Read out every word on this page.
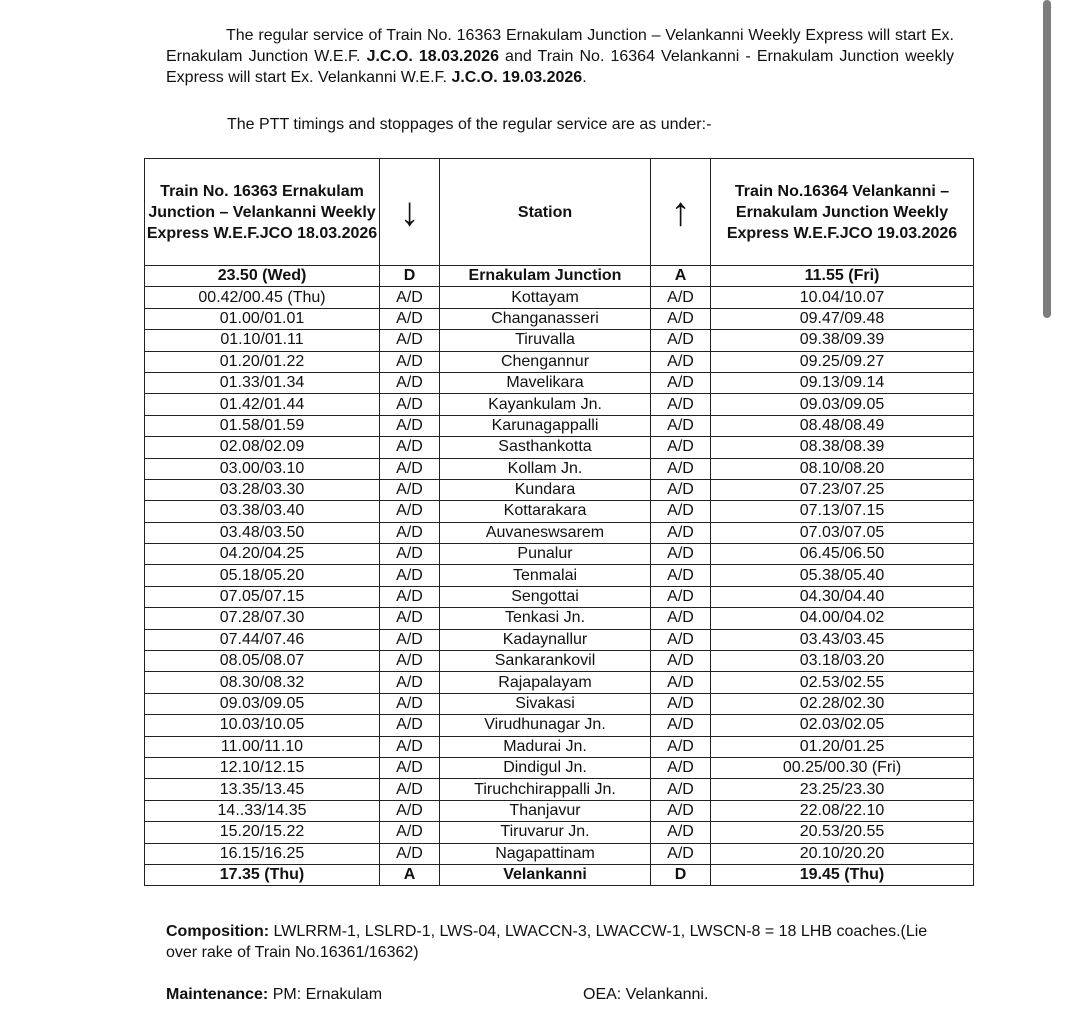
The regular service of Train No. 16363 Ernakulam Junction – Velankanni Weekly Express will start Ex. Ernakulam Junction W.E.F. J.C.O. 18.03.2026 and Train No. 16364 Velankanni - Ernakulam Junction weekly Express will start Ex. Velankanni W.E.F. J.C.O. 19.03.2026.

The PTT timings and stoppages of the regular service are as under:-

Train No. 16363 Ernakulam Junction – Velankanni Weekly Express W.E.F.JCO 18.03.2026	↓	Station	↑	Train No.16364 Velankanni – Ernakulam Junction Weekly Express W.E.F.JCO 19.03.2026
23.50 (Wed)	D	Ernakulam Junction	A	11.55 (Fri)
00.42/00.45 (Thu)	A/D	Kottayam	A/D	10.04/10.07
01.00/01.01	A/D	Changanasseri	A/D	09.47/09.48
01.10/01.11	A/D	Tiruvalla	A/D	09.38/09.39
01.20/01.22	A/D	Chengannur	A/D	09.25/09.27
01.33/01.34	A/D	Mavelikara	A/D	09.13/09.14
01.42/01.44	A/D	Kayankulam Jn.	A/D	09.03/09.05
01.58/01.59	A/D	Karunagappalli	A/D	08.48/08.49
02.08/02.09	A/D	Sasthankotta	A/D	08.38/08.39
03.00/03.10	A/D	Kollam Jn.	A/D	08.10/08.20
03.28/03.30	A/D	Kundara	A/D	07.23/07.25
03.38/03.40	A/D	Kottarakara	A/D	07.13/07.15
03.48/03.50	A/D	Auvaneswsarem	A/D	07.03/07.05
04.20/04.25	A/D	Punalur	A/D	06.45/06.50
05.18/05.20	A/D	Tenmalai	A/D	05.38/05.40
07.05/07.15	A/D	Sengottai	A/D	04.30/04.40
07.28/07.30	A/D	Tenkasi Jn.	A/D	04.00/04.02
07.44/07.46	A/D	Kadaynallur	A/D	03.43/03.45
08.05/08.07	A/D	Sankarankovil	A/D	03.18/03.20
08.30/08.32	A/D	Rajapalayam	A/D	02.53/02.55
09.03/09.05	A/D	Sivakasi	A/D	02.28/02.30
10.03/10.05	A/D	Virudhunagar Jn.	A/D	02.03/02.05
11.00/11.10	A/D	Madurai Jn.	A/D	01.20/01.25
12.10/12.15	A/D	Dindigul Jn.	A/D	00.25/00.30 (Fri)
13.35/13.45	A/D	Tiruchchirappalli Jn.	A/D	23.25/23.30
14..33/14.35	A/D	Thanjavur	A/D	22.08/22.10
15.20/15.22	A/D	Tiruvarur Jn.	A/D	20.53/20.55
16.15/16.25	A/D	Nagapattinam	A/D	20.10/20.20
17.35 (Thu)	A	Velankanni	D	19.45 (Thu)

Composition: LWLRRM-1, LSLRD-1, LWS-04, LWACCN-3, LWACCW-1, LWSCN-8 = 18 LHB coaches.(Lie over rake of Train No.16361/16362)

Maintenance: PM: Ernakulam	OEA: Velankanni.
